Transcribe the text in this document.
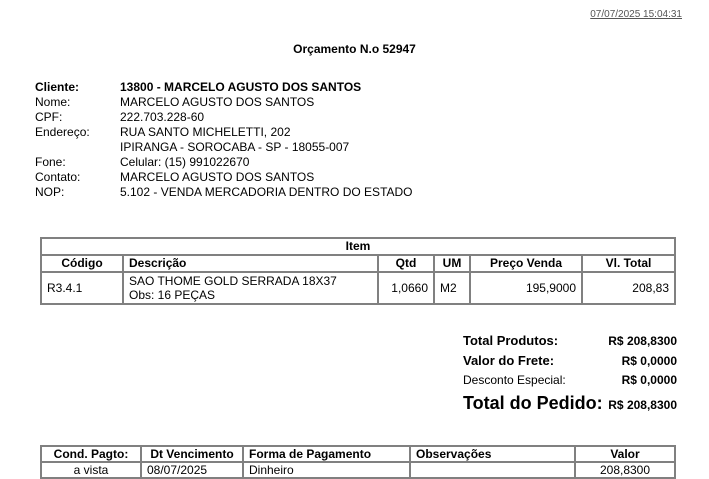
07/07/2025 15:04:31
Orçamento N.o 52947
Cliente:	13800 - MARCELO AGUSTO DOS SANTOS
Nome:	MARCELO AGUSTO DOS SANTOS
CPF:	222.703.228-60
Endereço:	RUA SANTO MICHELETTI, 202
IPIRANGA - SOROCABA - SP - 18055-007
Fone:	Celular: (15) 991022670
Contato:	MARCELO AGUSTO DOS SANTOS
NOP:	5.102 - VENDA MERCADORIA DENTRO DO ESTADO
Item					
Código	Descrição	Qtd	UM	Preço Venda	Vl. Total
R3.4.1	SAO THOME GOLD SERRADA 18X37
Obs: 16 PEÇAS	1,0660	M2	195,9000	208,83
Total Produtos:	R$ 208,8300
Valor do Frete:	R$ 0,0000
Desconto Especial:	R$ 0,0000
Total do Pedido: R$ 208,8300
Cond. Pagto:	Dt Vencimento	Forma de Pagamento	Observações	Valor
a vista	08/07/2025	Dinheiro		208,8300
